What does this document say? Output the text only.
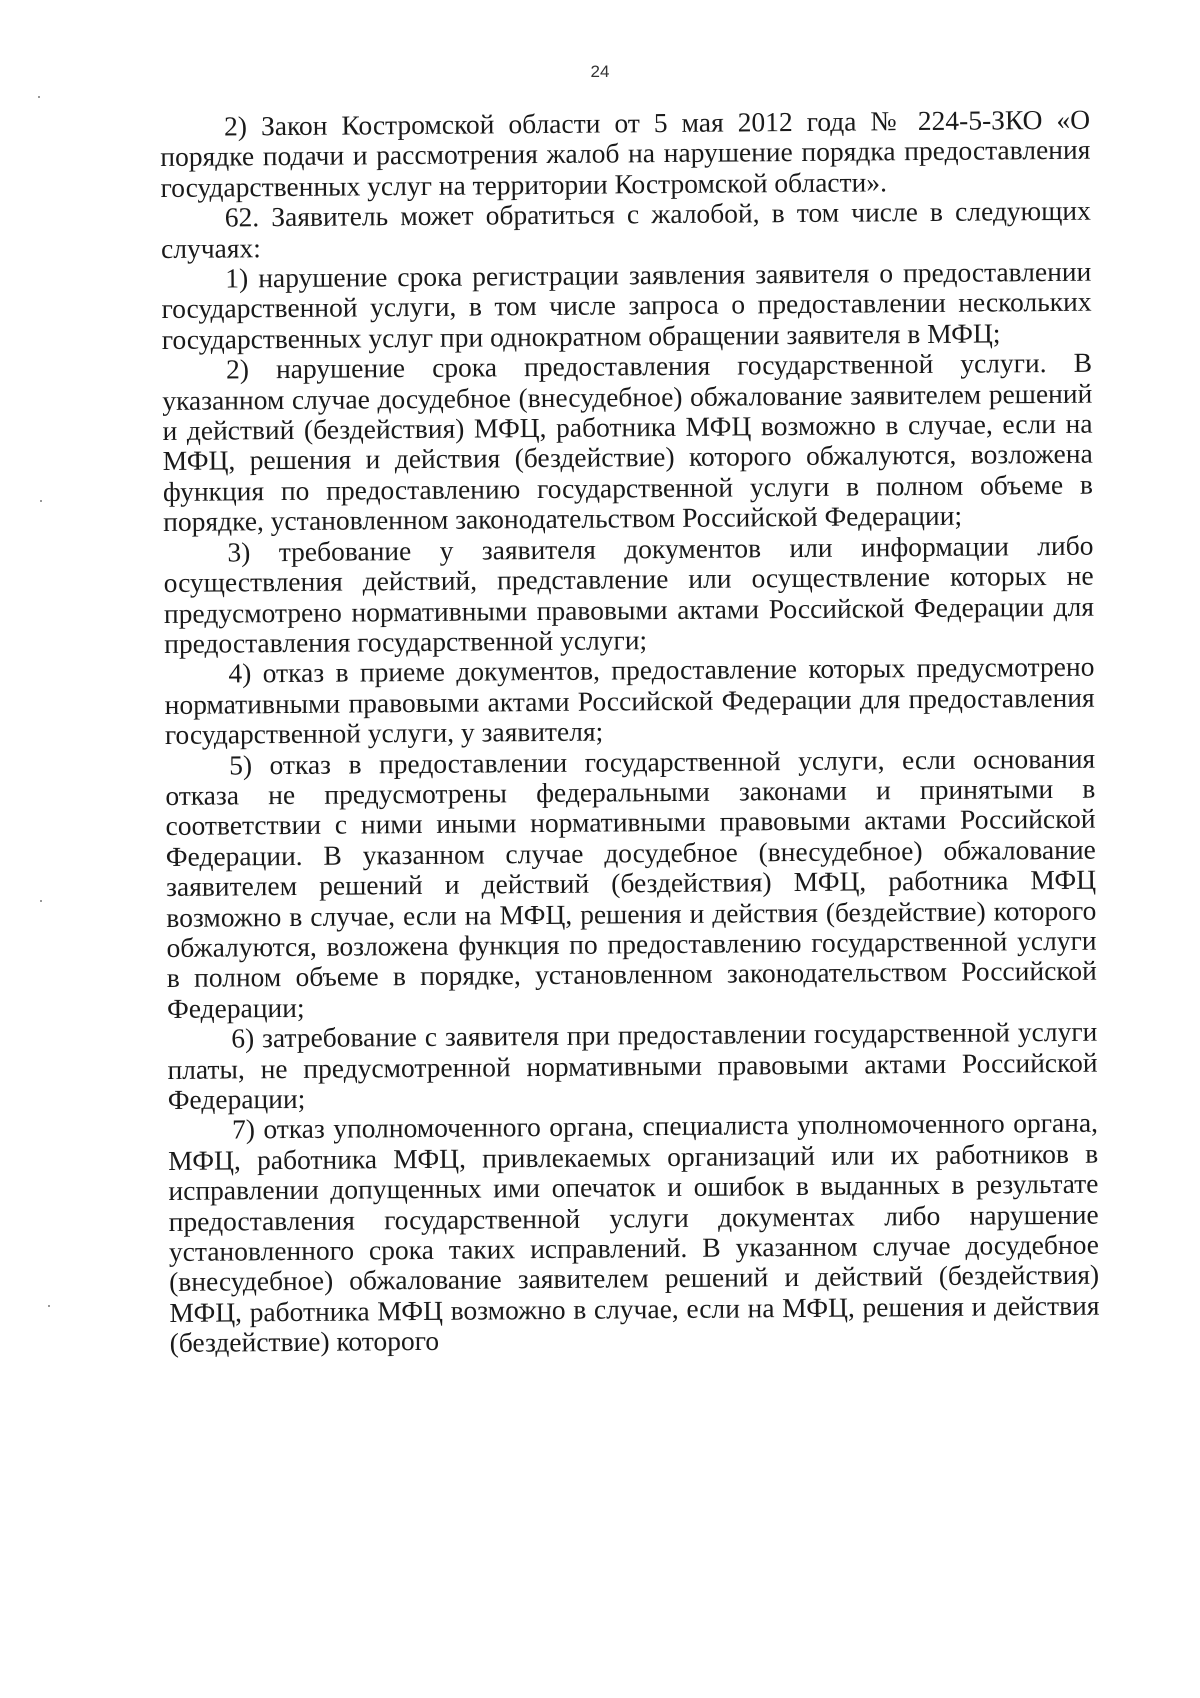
24

2) Закон Костромской области от 5 мая 2012 года № 224-5-ЗКО «О порядке подачи и рассмотрения жалоб на нарушение порядка предоставления государственных услуг на территории Костромской области».

62. Заявитель может обратиться с жалобой, в том числе в следующих случаях:

1) нарушение срока регистрации заявления заявителя о предоставлении государственной услуги, в том числе запроса о предоставлении нескольких государственных услуг при однократном обращении заявителя в МФЦ;

2) нарушение срока предоставления государственной услуги. В указанном случае досудебное (внесудебное) обжалование заявителем решений и действий (бездействия) МФЦ, работника МФЦ возможно в случае, если на МФЦ, решения и действия (бездействие) которого обжалуются, возложена функция по предоставлению государственной услуги в полном объеме в порядке, установленном законодательством Российской Федерации;

3) требование у заявителя документов или информации либо осуществления действий, представление или осуществление которых не предусмотрено нормативными правовыми актами Российской Федерации для предоставления государственной услуги;

4) отказ в приеме документов, предоставление которых предусмотрено нормативными правовыми актами Российской Федерации для предоставления государственной услуги, у заявителя;

5) отказ в предоставлении государственной услуги, если основания отказа не предусмотрены федеральными законами и принятыми в соответствии с ними иными нормативными правовыми актами Российской Федерации. В указанном случае досудебное (внесудебное) обжалование заявителем решений и действий (бездействия) МФЦ, работника МФЦ возможно в случае, если на МФЦ, решения и действия (бездействие) которого обжалуются, возложена функция по предоставлению государственной услуги в полном объеме в порядке, установленном законодательством Российской Федерации;

6) затребование с заявителя при предоставлении государственной услуги платы, не предусмотренной нормативными правовыми актами Российской Федерации;

7) отказ уполномоченного органа, специалиста уполномоченного органа, МФЦ, работника МФЦ, привлекаемых организаций или их работников в исправлении допущенных ими опечаток и ошибок в выданных в результате предоставления государственной услуги документах либо нарушение установленного срока таких исправлений. В указанном случае досудебное (внесудебное) обжалование заявителем решений и действий (бездействия) МФЦ, работника МФЦ возможно в случае, если на МФЦ, решения и действия (бездействие) которого
